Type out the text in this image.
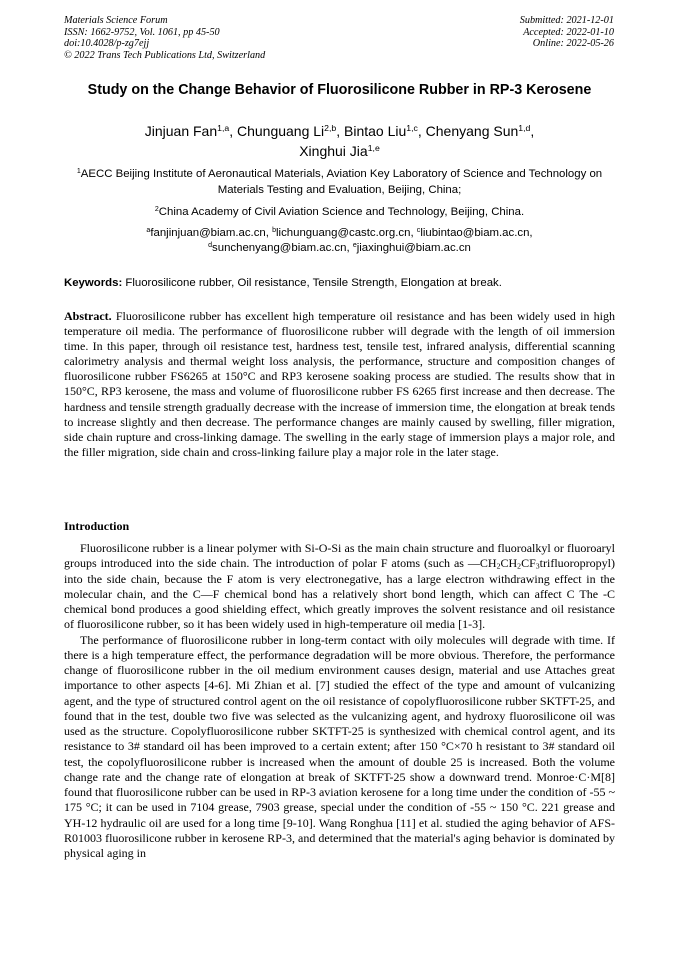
Materials Science Forum
ISSN: 1662-9752, Vol. 1061, pp 45-50
doi:10.4028/p-zg7ejj
© 2022 Trans Tech Publications Ltd, Switzerland
Submitted: 2021-12-01
Accepted: 2022-01-10
Online: 2022-05-26
Study on the Change Behavior of Fluorosilicone Rubber in RP-3 Kerosene
Jinjuan Fan$^{1,a}$, Chunguang Li$^{2,b}$, Bintao Liu$^{1,c}$, Chenyang Sun$^{1,d}$,
Xinghui Jia$^{1,e}$
$^1$AECC Beijing Institute of Aeronautical Materials, Aviation Key Laboratory of Science and Technology on Materials Testing and Evaluation, Beijing, China;
$^2$China Academy of Civil Aviation Science and Technology, Beijing, China.
$^a$fanjinjuan@biam.ac.cn, $^b$lichunguang@castc.org.cn, $^c$liubintao@biam.ac.cn,
$^d$sunchenyang@biam.ac.cn, $^e$jiaxinghui@biam.ac.cn
Keywords: Fluorosilicone rubber, Oil resistance, Tensile Strength, Elongation at break.
Abstract. Fluorosilicone rubber has excellent high temperature oil resistance and has been widely used in high temperature oil media. The performance of fluorosilicone rubber will degrade with the length of oil immersion time. In this paper, through oil resistance test, hardness test, tensile test, infrared analysis, differential scanning calorimetry analysis and thermal weight loss analysis, the performance, structure and composition changes of fluorosilicone rubber FS6265 at 150°C and RP3 kerosene soaking process are studied. The results show that in 150°C, RP3 kerosene, the mass and volume of fluorosilicone rubber FS 6265 first increase and then decrease. The hardness and tensile strength gradually decrease with the increase of immersion time, the elongation at break tends to increase slightly and then decrease. The performance changes are mainly caused by swelling, filler migration, side chain rupture and cross-linking damage. The swelling in the early stage of immersion plays a major role, and the filler migration, side chain and cross-linking failure play a major role in the later stage.
Introduction

Fluorosilicone rubber is a linear polymer with Si-O-Si as the main chain structure and fluoroalkyl or fluoroaryl groups introduced into the side chain. The introduction of polar F atoms (such as $—CH_2CH_2CF_3trifluoropropyl$) into the side chain, because the F atom is very electronegative, has a large electron withdrawing effect in the molecular chain, and the C—F chemical bond has a relatively short bond length, which can affect C The -C chemical bond produces a good shielding effect, which greatly improves the solvent resistance and oil resistance of fluorosilicone rubber, so it has been widely used in high-temperature oil media [1-3].

The performance of fluorosilicone rubber in long-term contact with oily molecules will degrade with time. If there is a high temperature effect, the performance degradation will be more obvious. Therefore, the performance change of fluorosilicone rubber in the oil medium environment causes design, material and use Attaches great importance to other aspects [4-6]. Mi Zhian et al. [7] studied the effect of the type and amount of vulcanizing agent, and the type of structured control agent on the oil resistance of copolyfluorosilicone rubber SKTFT-25, and found that in the test, double two five was selected as the vulcanizing agent, and hydroxy fluorosilicone oil was used as the structure. Copolyfluorosilicone rubber SKTFT-25 is synthesized with chemical control agent, and its resistance to 3# standard oil has been improved to a certain extent; after 150 °C×70 h resistant to 3# standard oil test, the copolyfluorosilicone rubber is increased when the amount of double 25 is increased. Both the volume change rate and the change rate of elongation at break of SKTFT-25 show a downward trend. Monroe·C·M[8] found that fluorosilicone rubber can be used in RP-3 aviation kerosene for a long time under the condition of -55 ~ 175 °C; it can be used in 7104 grease, 7903 grease, special under the condition of -55 ~ 150 °C. 221 grease and YH-12 hydraulic oil are used for a long time [9-10]. Wang Ronghua [11] et al. studied the aging behavior of AFS-R01003 fluorosilicone rubber in kerosene RP-3, and determined that the material's aging behavior is dominated by physical aging in
